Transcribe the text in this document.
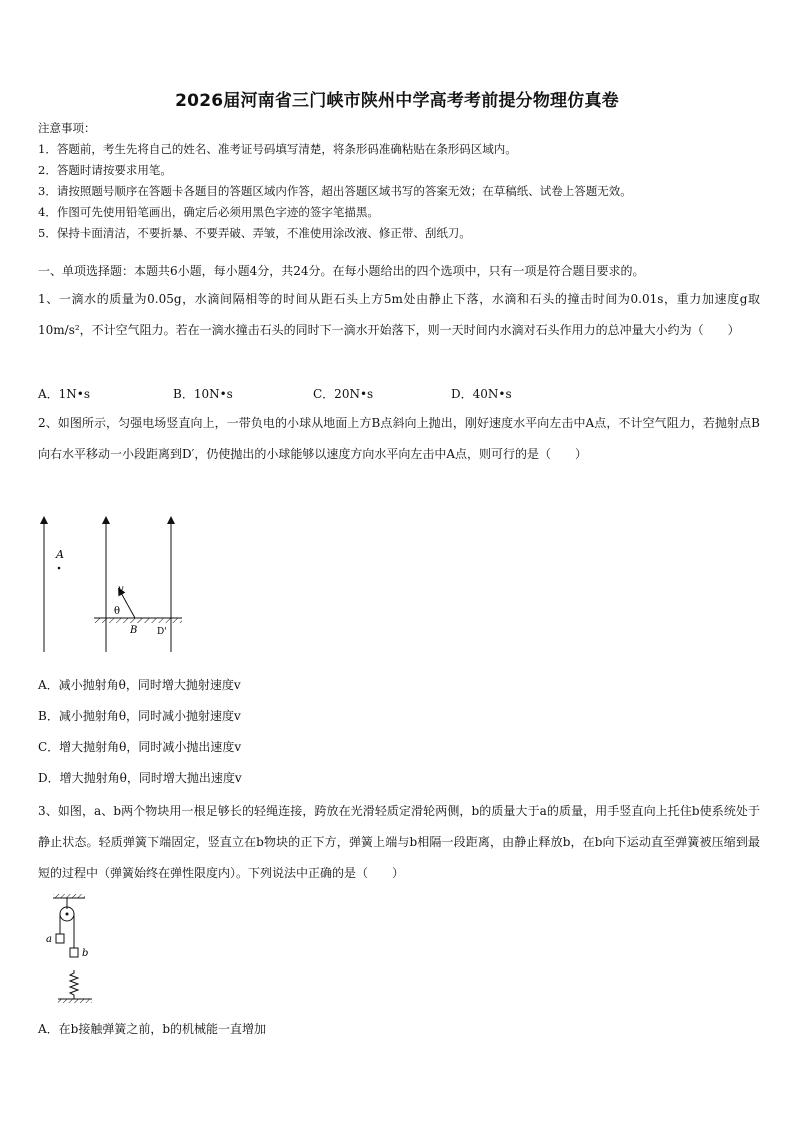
2026届河南省三门峡市陕州中学高考考前提分物理仿真卷
注意事项：
1．答题前，考生先将自己的姓名、准考证号码填写清楚，将条形码准确粘贴在条形码区域内。
2．答题时请按要求用笔。
3．请按照题号顺序在答题卡各题目的答题区域内作答，超出答题区域书写的答案无效；在草稿纸、试卷上答题无效。
4．作图可先使用铅笔画出，确定后必须用黑色字迹的签字笔描黑。
5．保持卡面清洁，不要折暴、不要弄破、弄皱，不准使用涂改液、修正带、刮纸刀。
一、单项选择题：本题共6小题，每小题4分，共24分。在每小题给出的四个选项中，只有一项是符合题目要求的。
1、一滴水的质量为0.05g，水滴间隔相等的时间从距石头上方5m处由静止下落，水滴和石头的撞击时间为0.01s，重力加速度g取10m/s²，不计空气阻力。若在一滴水撞击石头的同时下一滴水开始落下，则一天时间内水滴对石头作用力的总冲量大小约为（　　）
A．1N•s	B．10N•s	C．20N•s	D．40N•s
2、如图所示，匀强电场竖直向上，一带负电的小球从地面上方B点斜向上抛出，刚好速度水平向左击中A点，不计空气阻力，若抛射点B向右水平移动一小段距离到D′，仍使抛出的小球能够以速度方向水平向左击中A点，则可行的是（　　）
A
v
θ
B D'
A．减小抛射角θ，同时增大抛射速度v
B．减小抛射角θ，同时减小抛射速度v
C．增大抛射角θ，同时减小抛出速度v
D．增大抛射角θ，同时增大抛出速度v
3、如图，a、b两个物块用一根足够长的轻绳连接，跨放在光滑轻质定滑轮两侧，b的质量大于a的质量，用手竖直向上托住b使系统处于静止状态。轻质弹簧下端固定，竖直立在b物块的正下方，弹簧上端与b相隔一段距离，由静止释放b，在b向下运动直至弹簧被压缩到最短的过程中（弹簧始终在弹性限度内）。下列说法中正确的是（　　）
a
b
A．在b接触弹簧之前，b的机械能一直增加
